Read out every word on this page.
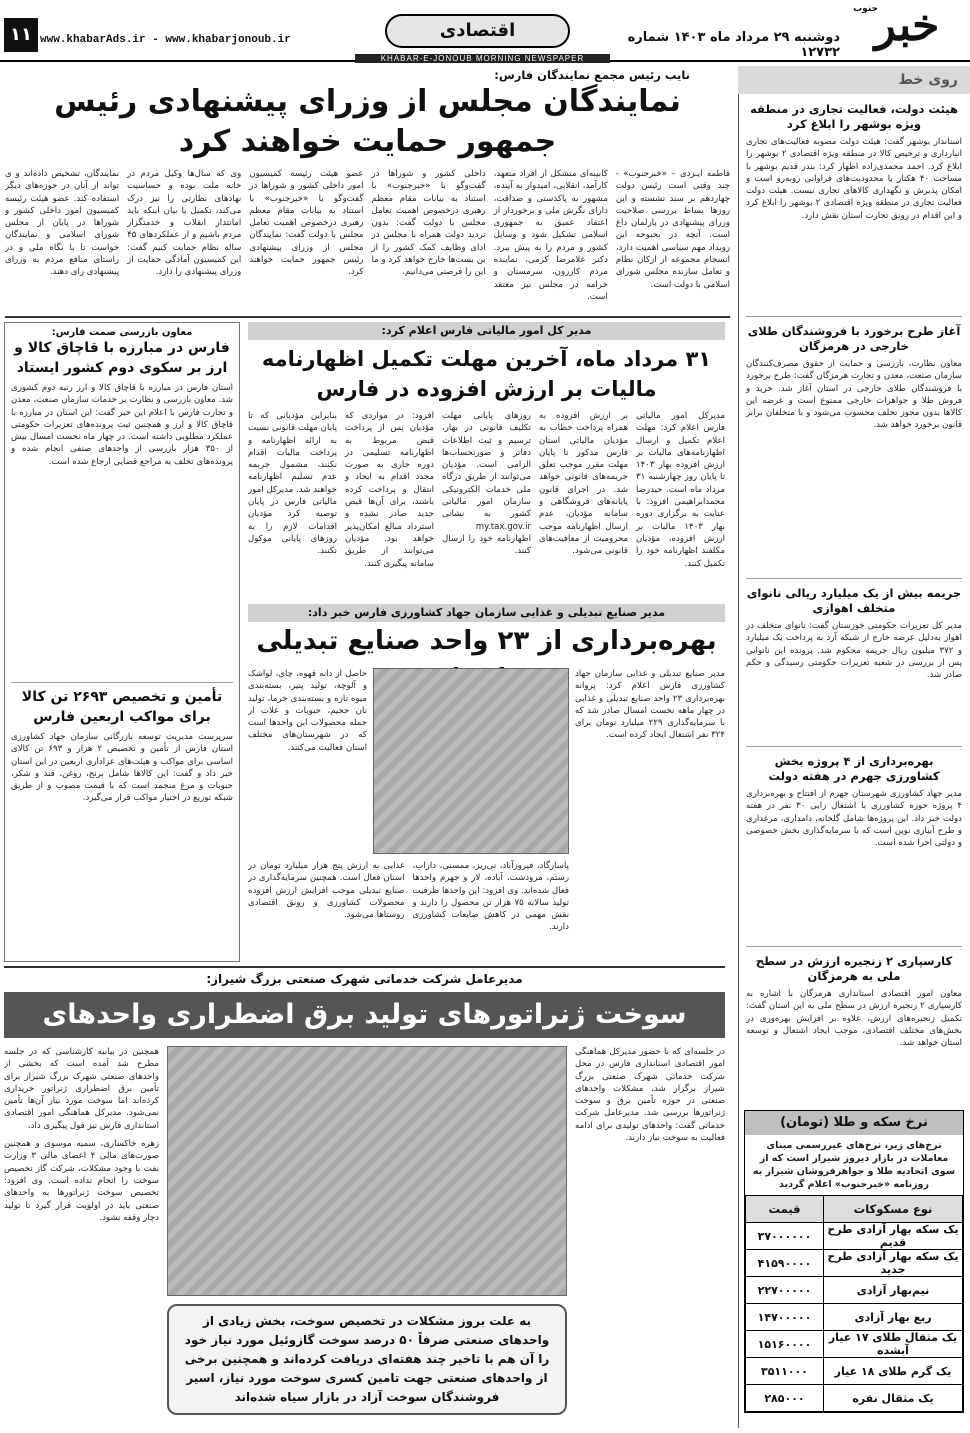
خبر
جنوب
دوشنبه ۲۹ مرداد ماه ۱۴۰۳ شماره ۱۲۷۳۲
اقتصادی
www.khabarAds.ir - www.khabarjonoub.ir
۱۱
KHABAR-E-JONOUB MORNING NEWSPAPER
روی خط
هیئت دولت، فعالیت تجاری در منطقه ویژه بوشهر را ابلاغ کرد
استاندار بوشهر گفت: هیئت دولت مصوبه فعالیت‌های تجاری انبارداری و ترخیص کالا در منطقه ویژه اقتصادی ۲ بوشهر را ابلاغ کرد. احمد محمدی‌زاده اظهار کرد: بندر قدیم بوشهر با مساحت ۴۰ هکتار با محدودیت‌های فراوانی روبه‌رو است و امکان پذیرش و نگهداری کالاهای تجاری نیست. هیئت دولت فعالیت تجاری در منطقه ویژه اقتصادی ۲ بوشهر را ابلاغ کرد و این اقدام در رونق تجارت استان نقش دارد.
آغاز طرح برخورد با فروشندگان طلای خارجی در هرمزگان
معاون نظارت، بازرسی و حمایت از حقوق مصرف‌کنندگان سازمان صنعت، معدن و تجارت هرمزگان گفت: طرح برخورد با فروشندگان طلای خارجی در استان آغاز شد. خرید و فروش طلا و جواهرات خارجی ممنوع است و عرضه این کالاها بدون مجوز تخلف محسوب می‌شود و با متخلفان برابر قانون برخورد خواهد شد.
جریمه بیش از یک میلیارد ریالی نانوای متخلف اهوازی
مدیر کل تعزیرات حکومتی خوزستان گفت: نانوای متخلف در اهواز به‌دلیل عرضه خارج از شبکه آرد به پرداخت یک میلیارد و ۳۷۲ میلیون ریال جریمه محکوم شد. پرونده این نانوایی پس از بررسی در شعبه تعزیرات حکومتی رسیدگی و حکم صادر شد.
بهره‌برداری از ۴ پروژه بخش کشاورزی جهرم در هفته دولت
مدیر جهاد کشاورزی شهرستان جهرم از افتتاح و بهره‌برداری ۴ پروژه حوزه کشاورزی با اشتغال زایی ۳۰ نفر در هفته دولت خبر داد. این پروژه‌ها شامل گلخانه، دامداری، مرغداری و طرح آبیاری نوین است که با سرمایه‌گذاری بخش خصوصی و دولتی اجرا شده است.
کارسپاری ۲ زنجیره ارزش در سطح ملی به هرمزگان
معاون امور اقتصادی استانداری هرمزگان با اشاره به کارسپاری ۲ زنجیره ارزش در سطح ملی به این استان گفت: تکمیل زنجیره‌های ارزش، علاوه بر افزایش بهره‌وری در بخش‌های مختلف اقتصادی، موجب ایجاد اشتغال و توسعه استان خواهد شد.
نرخ سکه و طلا (تومان)
نرخ‌های زیر، نرخ‌های غیررسمی مبنای معاملات در بازار دیروز شیراز است که از سوی اتحادیه طلا و جواهرفروشان شیراز به روزنامه «خبرجنوب» اعلام گردید
نوع مسکوکات	قیمت
یک سکه بهار آزادی طرح قدیم	۳۷۰۰۰۰۰۰
یک سکه بهار آزادی طرح جدید	۴۱۵۹۰۰۰۰
نیم‌بهار آزادی	۲۲۷۰۰۰۰۰
ربع بهار آزادی	۱۴۷۰۰۰۰۰
یک مثقال طلای ۱۷ عیار آبشده	۱۵۱۶۰۰۰۰
یک گرم طلای ۱۸ عیار	۳۵۱۱۰۰۰
یک مثقال نقره	۲۸۵۰۰۰
نایب رئیس مجمع نمایندگان فارس:
نمایندگان مجلس از وزرای پیشنهادی رئیس جمهور حمایت خواهند کرد
فاطمه ایـزدی – «خبرجنوب» - چند وقتی است رئیس دولت چهاردهم بر سند تشسته و این روزها بساط بررسی صلاحیت وزرای پیشنهادی در پارلمان داغ است. آنچه در بحبوحه این رویداد مهم سیاسی اهمیت دارد، انسجام مجموعه از ارکان نظام و تعامل سازنده مجلس شورای اسلامی با دولت است.
کابینه‌ای متشکل از افراد متعهد، کارآمد، انقلابی، امیدوار به آینده، مشهور به پاکدستی و صداقت، دارای نگرش ملی و برخوردار از اعتقاد عمیق به جمهوری اسلامی تشکیل شود و وسایل کشور و مردم را به پیش ببرد. دکتر غلامرضا کرمی، نماینده مردم کازرون، سرمستان و خرامه در مجلس نیز معتقد است.
داخلی کشور و شورا‌ها در گفت‌وگو با «خبرجنوب» با استناد به بیانات مقام معظم رهبری درخصوص اهمیت تعامل مجلس با دولت گفت: بدون تردید دولت همراه با مجلس در ادای وظایف کمک کشور را از بن بست‌ها خارج خواهد کرد و ما این را فرصتی می‌دانیم.
عضو هیئت رئیسه کمیسیون امور داخلی کشور و شورا‌ها در گفت‌وگو با «خبرجنوب» با استناد به بیانات مقام معظم رهبری درخصوص اهمیت تعامل مجلس با دولت گفت: نمایندگان مجلس از وزرای پیشنهادی رئیس جمهور حمایت خواهند کرد.
وی که سال‌ها وکیل مردم در خانه ملت بوده و حساسیت نهادهای نظارتی را نیز درک می‌کند، تکمیل با بیان اینکه باید امانتدار انقلاب و خدمتگزار مردم باشیم و از عملکردهای ۴۵ ساله نظام حمایت کنیم گفت: این کمیسیون آمادگی حمایت از وزرای پیشنهادی را دارد.
نمایندگان، تشخیص داده‌اند و ی تواند از آنان در حوزه‌های دیگر استفاده کند. عضو هیئت رئیسه کمیسیون امور داخلی کشور و شوراها در پایان از مجلس شورای اسلامی و نمایندگان خواست تا با نگاه ملی و در راستای منافع مردم به وزرای پیشنهادی رای دهند.
معاون بازرسی صمت فارس:
فارس در مبارزه با قاچاق کالا و ارز بر سکوی دوم کشور ایستاد
استان فارس در مبارزه با قاچاق کالا و ارز رتبه دوم کشوری شد. معاون بازرسی و نظارت بر خدمات سازمان صنعت، معدن و تجارت فارس با اعلام این خبر گفت: این استان در مبارزه با قاچاق کالا و ارز و همچنین ثبت پرونده‌های تعزیرات حکومتی عملکرد مطلوبی داشته است. در چهار ماه نخست امسال بیش از ۳۵۰ هزار بازرسی از واحدهای صنفی انجام شده و پرونده‌های تخلف به مراجع قضایی ارجاع شده است.
تأمین و تخصیص ۲۶۹۳ تن کالا برای مواکب اربعین فارس
سرپرست مدیریت توسعه بازرگانی سازمان جهاد کشاورزی استان فارس از تأمین و تخصیص ۲ هزار و ۶۹۳ تن کالای اساسی برای مواکب و هیئت‌های عزاداری اربعین در این استان خبر داد و گفت: این کالاها شامل برنج، روغن، قند و شکر، حبوبات و مرغ منجمد است که با قیمت مصوب و از طریق شبکه توزیع در اختیار مواکب قرار می‌گیرد.
مدیر کل امور مالیاتی فارس اعلام کرد:
۳۱ مرداد ماه، آخرین مهلت تکمیل اظهارنامه
مالیات بر ارزش افزوده در فارس
مدیرکل امور مالیاتی فارس اعلام کرد: مهلت اعلام تکمیل و ارسال اظهارنامه‌های مالیات بر ارزش افزوده بهار ۱۴۰۳ تا پایان روز چهارشنبه ۳۱ مرداد ماه است. حیدرضا محمدابراهیمی افزود: با عنایت به برگزاری دوره بهار ۱۴۰۳ مالیات بر ارزش افزوده، مؤدیان مکلفند اظهارنامه خود را تکمیل کنند.
بر ارزش افزوده به همراه پرداخت خطاب به مؤدیان مالیاتی استان فارس مذکور تا پایان مهلت مقرر موجب تعلق جریمه‌های قانونی خواهد شد. در اجرای قانون پایانه‌های فروشگاهی و سامانه مؤدیان، عدم ارسال اظهارنامه موجب محرومیت از معافیت‌های قانونی می‌شود.
روزهای پایانی مهلت تکلیف قانونی در بهار، ترسیم و ثبت اطلاعات دفاتر و صورتحساب‌ها الزامی است. مؤدیان می‌توانند از طریق درگاه ملی خدمات الکترونیکی سازمان امور مالیاتی کشور به نشانی my.tax.gov.ir اظهارنامه خود را ارسال کنند.
افزود: در مواردی که مؤدیان پس از پرداخت قبض مربوط به اظهارنامه تسلیمی در دوره جاری به صورت مجدد اقدام به ایجاد و انتقال و پرداخت کرده باشند، برای آن‌ها قبض جدید صادر نشده و استرداد مبالغ امکان‌پذیر خواهد بود. مؤدیان می‌توانند از طریق سامانه پیگیری کنند.
بنابراین مؤدیانی که تا پایان مهلت قانونی نسبت به ارائه اظهارنامه و پرداخت مالیات اقدام نکنند، مشمول جریمه عدم تسلیم اظهارنامه خواهند شد. مدیرکل امور مالیاتی فارس در پایان توصیه کرد مؤدیان اقدامات لازم را به روزهای پایانی موکول نکنند.
مدیر صنایع تبدیلی و غذایی سازمان جهاد کشاورزی فارس خبر داد:
بهره‌برداری از ۲۳ واحد صنایع تبدیلی
مدیر صنایع تبدیلی و غذایی سازمان جهاد کشاورزی فارس اعلام کرد: پروانه بهره‌برداری ۲۳ واحد صنایع تبدیلی و غذایی در چهار ماهه نخست امسال صادر شد که با سرمایه‌گذاری ۲۲۹ میلیارد تومان برای ۳۲۴ نفر اشتغال ایجاد کرده است.
حاصل از دانه قهوه، چای، لواشک و آلوچه، تولید پنیر، بسته‌بندی میوه تازه و بسته‌بندی خرما، تولید نان حجیم، حبوبات و غلات از جمله محصولات این واحدها است که در شهرستان‌های مختلف استان فعالیت می‌کنند.
پاسارگاد، فیروزآباد، نی‌ریز، ممسنی، داراب، رستم، مرودشت، آباده، لار و جهرم واحدها فعال شده‌اند. وی افزود: این واحدها ظرفیت تولید سالانه ۷۵ هزار تن محصول را دارند و نقش مهمی در کاهش ضایعات کشاورزی دارند.
غذایی به ارزش پنج هزار میلیارد تومان در استان فعال است. همچنین سرمایه‌گذاری در صنایع تبدیلی موجب افزایش ارزش افزوده محصولات کشاورزی و رونق اقتصادی روستاها می‌شود.
مدیرعامل شرکت خدماتی شهرک صنعتی بزرگ شیراز:
سوخت ژنراتورهای تولید برق اضطراری واحدهای
در جلسه‌ای که با حضور مدیرکل هماهنگی امور اقتصادی استانداری فارس در محل شرکت خدماتی شهرک صنعتی بزرگ شیراز برگزار شد، مشکلات واحدهای صنعتی در حوزه تأمین برق و سوخت ژنراتورها بررسی شد. مدیرعامل شرکت خدماتی گفت: واحدهای تولیدی برای ادامه فعالیت به سوخت نیاز دارند.
به علت بروز مشکلات در تخصیص سوخت، بخش زیادی از واحدهای صنعتی صرفاً ۵۰ درصد سوخت گازوئیل مورد نیاز خود را آن هم با تاخیر چند هفته‌ای دریافت کرده‌اند و همچنین برخی از واحدهای صنعتی جهت تامین کسری سوخت مورد نیاز، اسیر فروشندگان سوخت آزاد در بازار سیاه شده‌اند
همچنین در بیانیه کارشناسی که در جلسه مطرح شد آمده است که بخشی از واحدهای صنعتی شهرک بزرگ شیراز برای تأمین برق اضطراری ژنراتور خریداری کرده‌اند اما سوخت مورد نیاز آن‌ها تأمین نمی‌شود. مدیرکل هماهنگی امور اقتصادی استانداری فارس نیز قول پیگیری داد.
زهره خاکساری، سمیه موسوی و همچنین صورت‌های مالی ۴ اعضای مالی ۳ وزارت نفت با وجود مشکلات، شرکت گاز تخصیص سوخت را انجام نداده است. وی افزود: تخصیص سوخت ژنراتورها به واحدهای صنعتی باید در اولویت قرار گیرد تا تولید دچار وقفه نشود.
